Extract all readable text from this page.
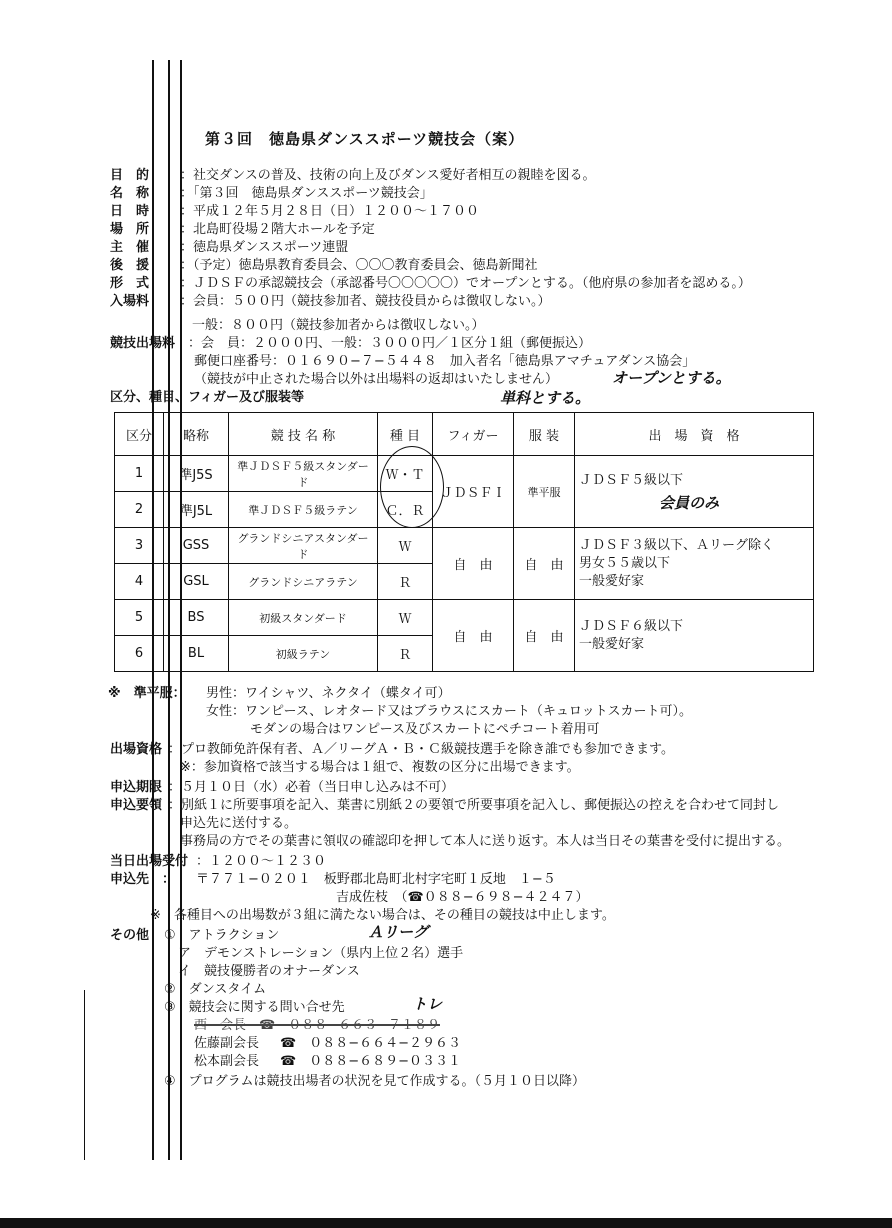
第３回　徳島県ダンススポーツ競技会（案）
目　的 ：社交ダンスの普及、技術の向上及びダンス愛好者相互の親睦を図る。
名　称 ：「第３回　徳島県ダンススポーツ競技会」
日　時 ：平成１２年５月２８日（日）１２００〜１７００
場　所 ：北島町役場２階大ホールを予定
主　催 ：徳島県ダンススポーツ連盟
後　援 ：（予定）徳島県教育委員会、〇〇〇教育委員会、徳島新聞社
形　式 ：ＪＤＳＦの承認競技会（承認番号〇〇〇〇〇）でオープンとする。（他府県の参加者を認める。）
入場料 ：会員：５００円（競技参加者、競技役員からは徴収しない。）
一般：８００円（競技参加者からは徴収しない。）
競技出場料 ：会　員：２０００円、一般：３０００円／１区分１組（郵便振込）
郵便口座番号：０１６９０−７−５４４８　加入者名「徳島県アマチュアダンス協会」
（競技が中止された場合以外は出場料の返却はいたしません）	オープンとする。
単科とする。
区分、種目、フィガー及び服装等
区分	略称	競 技 名 称	種 目	フィガー	服 装	出　場　資　格
1	準J5S	準ＪＤＳＦ５級スタンダード	Ｗ・Ｔ	ＪＤＳＦＩ	準平服	ＪＤＳＦ５級以下
会員のみ

2	準J5L	準ＪＤＳＦ５級ラテン	Ｃ．Ｒ			
3	GSS	グランドシニアスタンダード	Ｗ	自　由	自　由	ＪＤＳＦ３級以下、Ａリーグ除く
男女５５歳以下
一般愛好家

4	GSL	グランドシニアラテン	Ｒ			
5	BS	初級スタンダード	Ｗ	自　由	自　由	ＪＤＳＦ６級以下
一般愛好家

6	BL	初級ラテン	Ｒ			
※　準平服： 男性：ワイシャツ、ネクタイ（蝶タイ可）
女性：ワンピース、レオタード又はブラウスにスカート（キュロットスカート可）。
モダンの場合はワンピース及びスカートにペチコート着用可
出場資格 ：プロ教師免許保有者、Ａ／リーグＡ・Ｂ・Ｃ級競技選手を除き誰でも参加できます。
※：参加資格で該当する場合は１組で、複数の区分に出場できます。
申込期限 ：５月１０日（水）必着（当日申し込みは不可）
申込要領 ：別紙１に所要事項を記入、葉書に別紙２の要領で所要事項を記入し、郵便振込の控えを合わせて同封し
申込先に送付する。
事務局の方でその葉書に領収の確認印を押して本人に送り返す。本人は当日その葉書を受付に提出する。
当日出場受付 ：１２００〜１２３０
申込先　： 〒７７１−０２０１　板野郡北島町北村字宅町１反地　１−５
吉成佐枝　（☎０８８−６９８−４２４７）
※　各種目への出場数が３組に満たない場合は、その種目の競技は中止します。
その他 ①　アトラクション	Ａリーグ
ア　デモンストレーション（県内上位２名）選手
イ　競技優勝者のオナーダンス
②　ダンスタイム
③　競技会に関する問い合せ先	トレ
西　会長　☎　０８８−６６３−７１８９
佐藤副会長 ☎　０８８−６６４−２９６３
松本副会長 ☎　０８８−６８９−０３３１
④　プログラムは競技出場者の状況を見て作成する。（５月１０日以降）
